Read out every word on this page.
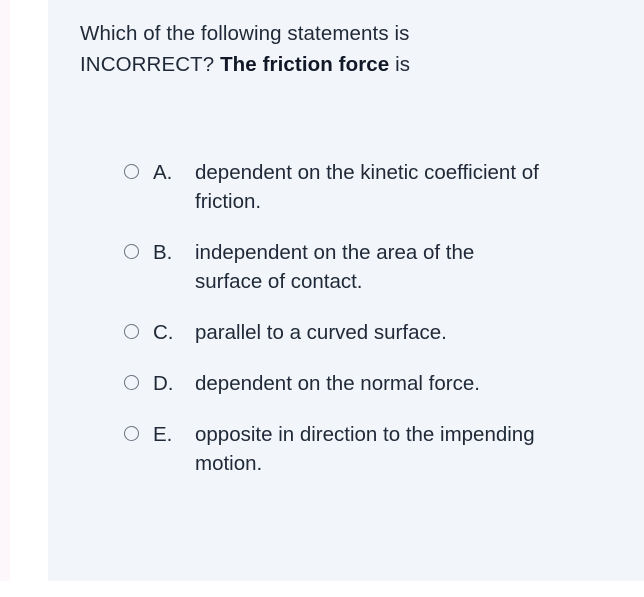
Which of the following statements is INCORRECT? The friction force is
A.	dependent on the kinetic coefficient of friction.
B.	independent on the area of the surface of contact.
C.	parallel to a curved surface.
D.	dependent on the normal force.
E.	opposite in direction to the impending motion.
